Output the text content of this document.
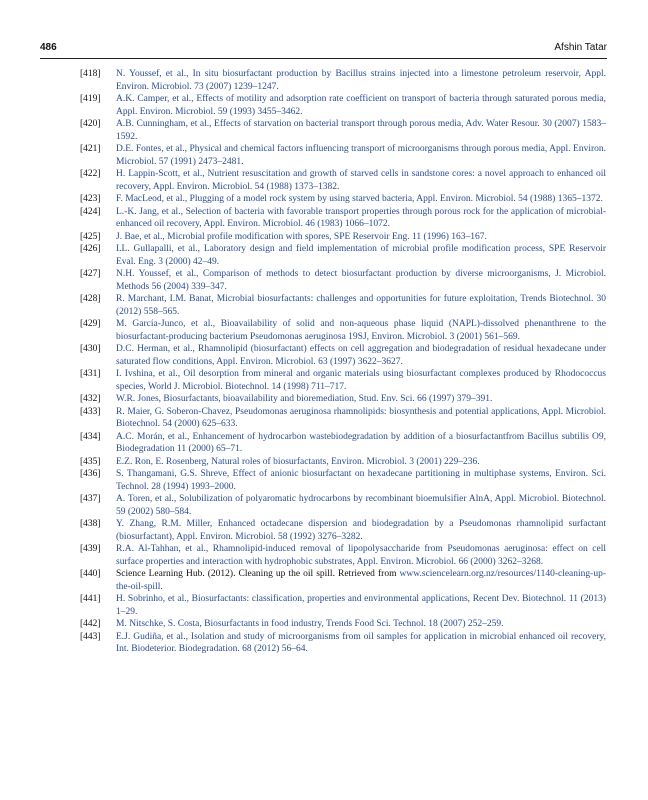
486	Afshin Tatar
[418]	N. Youssef, et al., In situ biosurfactant production by Bacillus strains injected into a limestone petroleum reservoir, Appl. Environ. Microbiol. 73 (2007) 1239–1247.
[419]	A.K. Camper, et al., Effects of motility and adsorption rate coefficient on transport of bacteria through saturated porous media, Appl. Environ. Microbiol. 59 (1993) 3455–3462.
[420]	A.B. Cunningham, et al., Effects of starvation on bacterial transport through porous media, Adv. Water Resour. 30 (2007) 1583–1592.
[421]	D.E. Fontes, et al., Physical and chemical factors influencing transport of microorganisms through porous media, Appl. Environ. Microbiol. 57 (1991) 2473–2481.
[422]	H. Lappin-Scott, et al., Nutrient resuscitation and growth of starved cells in sandstone cores: a novel approach to enhanced oil recovery, Appl. Environ. Microbiol. 54 (1988) 1373–1382.
[423]	F. MacLeod, et al., Plugging of a model rock system by using starved bacteria, Appl. Environ. Microbiol. 54 (1988) 1365–1372.
[424]	L.-K. Jang, et al., Selection of bacteria with favorable transport properties through porous rock for the application of microbial-enhanced oil recovery, Appl. Environ. Microbiol. 46 (1983) 1066–1072.
[425]	J. Bae, et al., Microbial profile modification with spores, SPE Reservoir Eng. 11 (1996) 163–167.
[426]	I.L. Gullapalli, et al., Laboratory design and field implementation of microbial profile modification process, SPE Reservoir Eval. Eng. 3 (2000) 42–49.
[427]	N.H. Youssef, et al., Comparison of methods to detect biosurfactant production by diverse microorganisms, J. Microbiol. Methods 56 (2004) 339–347.
[428]	R. Marchant, I.M. Banat, Microbial biosurfactants: challenges and opportunities for future exploitation, Trends Biotechnol. 30 (2012) 558–565.
[429]	M. García-Junco, et al., Bioavailability of solid and non-aqueous phase liquid (NAPL)-dissolved phenanthrene to the biosurfactant-producing bacterium Pseudomonas aeruginosa 19SJ, Environ. Microbiol. 3 (2001) 561–569.
[430]	D.C. Herman, et al., Rhamnolipid (biosurfactant) effects on cell aggregation and biodegradation of residual hexadecane under saturated flow conditions, Appl. Environ. Microbiol. 63 (1997) 3622–3627.
[431]	I. Ivshina, et al., Oil desorption from mineral and organic materials using biosurfactant complexes produced by Rhodococcus species, World J. Microbiol. Biotechnol. 14 (1998) 711–717.
[432]	W.R. Jones, Biosurfactants, bioavailability and bioremediation, Stud. Env. Sci. 66 (1997) 379–391.
[433]	R. Maier, G. Soberon-Chavez, Pseudomonas aeruginosa rhamnolipids: biosynthesis and potential applications, Appl. Microbiol. Biotechnol. 54 (2000) 625–633.
[434]	A.C. Morán, et al., Enhancement of hydrocarbon wastebiodegradation by addition of a biosurfactantfrom Bacillus subtilis O9, Biodegradation 11 (2000) 65–71.
[435]	E.Z. Ron, E. Rosenberg, Natural roles of biosurfactants, Environ. Microbiol. 3 (2001) 229–236.
[436]	S. Thangamani, G.S. Shreve, Effect of anionic biosurfactant on hexadecane partitioning in multiphase systems, Environ. Sci. Technol. 28 (1994) 1993–2000.
[437]	A. Toren, et al., Solubilization of polyaromatic hydrocarbons by recombinant bioemulsifier AlnA, Appl. Microbiol. Biotechnol. 59 (2002) 580–584.
[438]	Y. Zhang, R.M. Miller, Enhanced octadecane dispersion and biodegradation by a Pseudomonas rhamnolipid surfactant (biosurfactant), Appl. Environ. Microbiol. 58 (1992) 3276–3282.
[439]	R.A. Al-Tahhan, et al., Rhamnolipid-induced removal of lipopolysaccharide from Pseudomonas aeruginosa: effect on cell surface properties and interaction with hydrophobic substrates, Appl. Environ. Microbiol. 66 (2000) 3262–3268.
[440]	Science Learning Hub. (2012). Cleaning up the oil spill. Retrieved from www.sciencelearn.org.nz/resources/1140-cleaning-up-the-oil-spill.
[441]	H. Sobrinho, et al., Biosurfactants: classification, properties and environmental applications, Recent Dev. Biotechnol. 11 (2013) 1–29.
[442]	M. Nitschke, S. Costa, Biosurfactants in food industry, Trends Food Sci. Technol. 18 (2007) 252–259.
[443]	E.J. Gudiña, et al., Isolation and study of microorganisms from oil samples for application in microbial enhanced oil recovery, Int. Biodeterior. Biodegradation. 68 (2012) 56–64.
